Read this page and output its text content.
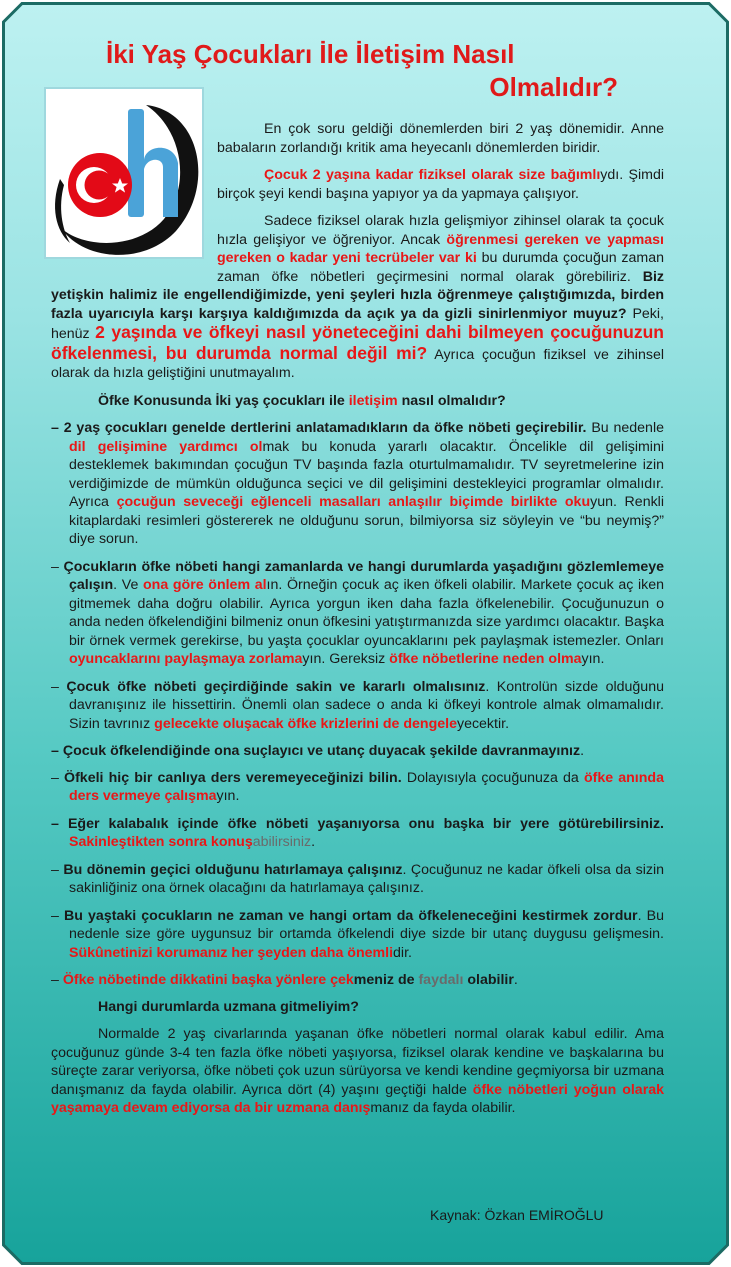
İki Yaş Çocukları İle İletişim Nasıl
Olmalıdır?

En çok soru geldiği dönemlerden biri 2 yaş dönemidir. Anne babaların zorlandığı kritik ama heyecanlı dönemlerden biridir.

Çocuk 2 yaşına kadar fiziksel olarak size bağımlıydı. Şimdi birçok şeyi kendi başına yapıyor ya da yapmaya çalışıyor.

Sadece fiziksel olarak hızla gelişmiyor zihinsel olarak ta çocuk hızla gelişiyor ve öğreniyor. Ancak öğrenmesi gereken ve yapması gereken o kadar yeni tecrübeler var ki bu durumda çocuğun zaman zaman öfke nöbetleri geçirmesini normal olarak görebiliriz. Biz yetişkin halimiz ile engellendiğimizde, yeni şeyleri hızla öğrenmeye çalıştığımızda, birden fazla uyarıcıyla karşı karşıya kaldığımızda da açık ya da gizli sinirlenmiyor muyuz? Peki, henüz 2 yaşında ve öfkeyi nasıl yöneteceğini dahi bilmeyen çocuğunuzun öfkelenmesi, bu durumda normal değil mi? Ayrıca çocuğun fiziksel ve zihinsel olarak da hızla geliştiğini unutmayalım.

Öfke Konusunda İki yaş çocukları ile iletişim nasıl olmalıdır?

– 2 yaş çocukları genelde dertlerini anlatamadıkların da öfke nöbeti geçirebilir. Bu nedenle dil gelişimine yardımcı olmak bu konuda yararlı olacaktır. Öncelikle dil gelişimini desteklemek bakımından çocuğun TV başında fazla oturtulmamalıdır. TV seyretmelerine izin verdiğimizde de mümkün olduğunca seçici ve dil gelişimini destekleyici programlar olmalıdır. Ayrıca çocuğun seveceği eğlenceli masalları anlaşılır biçimde birlikte okuyun. Renkli kitaplardaki resimleri göstererek ne olduğunu sorun, bilmiyorsa siz söyleyin ve “bu neymiş?” diye sorun.

– Çocukların öfke nöbeti hangi zamanlarda ve hangi durumlarda yaşadığını gözlemlemeye çalışın. Ve ona göre önlem alın. Örneğin çocuk aç iken öfkeli olabilir. Markete çocuk aç iken gitmemek daha doğru olabilir. Ayrıca yorgun iken daha fazla öfkelenebilir. Çocuğunuzun o anda neden öfkelendiğini bilmeniz onun öfkesini yatıştırmanızda size yardımcı olacaktır. Başka bir örnek vermek gerekirse, bu yaşta çocuklar oyuncaklarını pek paylaşmak istemezler. Onları oyuncaklarını paylaşmaya zorlamayın. Gereksiz öfke nöbetlerine neden olmayın.

– Çocuk öfke nöbeti geçirdiğinde sakin ve kararlı olmalısınız. Kontrolün sizde olduğunu davranışınız ile hissettirin. Önemli olan sadece o anda ki öfkeyi kontrole almak olmamalıdır. Sizin tavrınız gelecekte oluşacak öfke krizlerini de dengeleyecektir.

– Çocuk öfkelendiğinde ona suçlayıcı ve utanç duyacak şekilde davranmayınız.

– Öfkeli hiç bir canlıya ders veremeyeceğinizi bilin. Dolayısıyla çocuğunuza da öfke anında ders vermeye çalışmayın.

– Eğer kalabalık içinde öfke nöbeti yaşanıyorsa onu başka bir yere götürebilirsiniz. Sakinleştikten sonra konuşabilirsiniz.

– Bu dönemin geçici olduğunu hatırlamaya çalışınız. Çocuğunuz ne kadar öfkeli olsa da sizin sakinliğiniz ona örnek olacağını da hatırlamaya çalışınız.

– Bu yaştaki çocukların ne zaman ve hangi ortam da öfkeleneceğini kestirmek zordur. Bu nedenle size göre uygunsuz bir ortamda öfkelendi diye sizde bir utanç duygusu gelişmesin. Sükûnetinizi korumanız her şeyden daha önemlidir.

– Öfke nöbetinde dikkatini başka yönlere çekmeniz de faydalı olabilir.

Hangi durumlarda uzmana gitmeliyim?

Normalde 2 yaş civarlarında yaşanan öfke nöbetleri normal olarak kabul edilir. Ama çocuğunuz günde 3-4 ten fazla öfke nöbeti yaşıyorsa, fiziksel olarak kendine ve başkalarına bu süreçte zarar veriyorsa, öfke nöbeti çok uzun sürüyorsa ve kendi kendine geçmiyorsa bir uzmana danışmanız da fayda olabilir. Ayrıca dört (4) yaşını geçtiği halde öfke nöbetleri yoğun olarak yaşamaya devam ediyorsa da bir uzmana danışmanız da fayda olabilir.

Kaynak: Özkan EMİROĞLU
